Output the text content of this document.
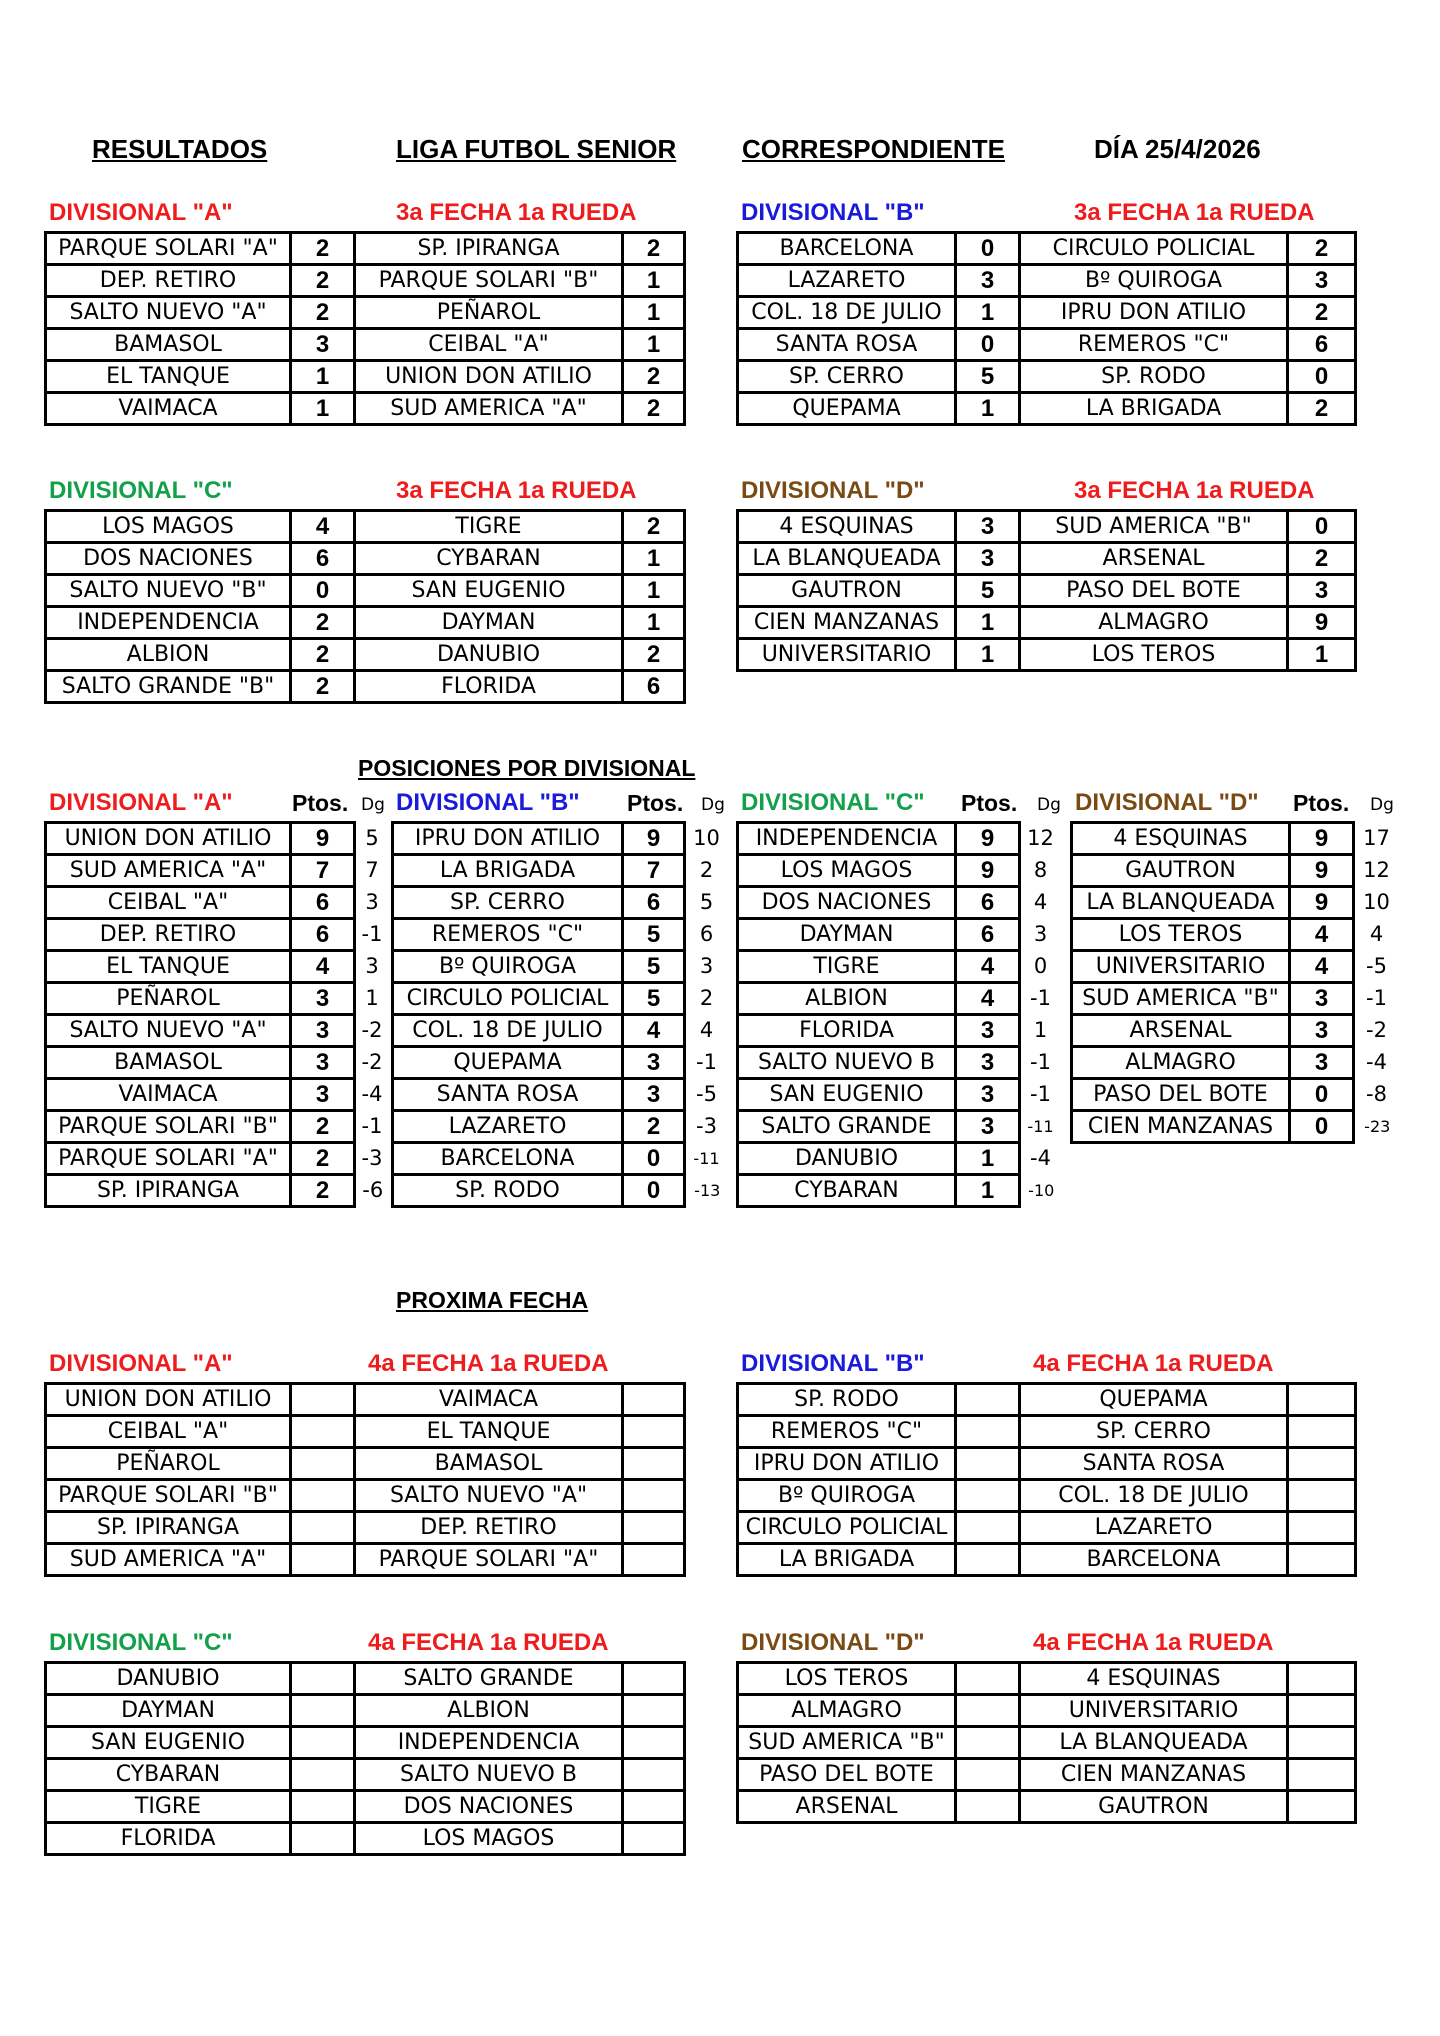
RESULTADOS	LIGA FUTBOL SENIOR	CORRESPONDIENTE	DÍA 25/4/2026
DIVISIONAL "A"	3a FECHA 1a RUEDA
PARQUE SOLARI "A"	2	SP. IPIRANGA	2
DEP. RETIRO	2	PARQUE SOLARI "B"	1
SALTO NUEVO "A"	2	PEÑAROL	1
BAMASOL	3	CEIBAL "A"	1
EL TANQUE	1	UNION DON ATILIO	2
VAIMACA	1	SUD AMERICA "A"	2
DIVISIONAL "B"	3a FECHA 1a RUEDA
BARCELONA	0	CIRCULO POLICIAL	2
LAZARETO	3	Bº QUIROGA	3
COL. 18 DE JULIO	1	IPRU DON ATILIO	2
SANTA ROSA	0	REMEROS "C"	6
SP. CERRO	5	SP. RODO	0
QUEPAMA	1	LA BRIGADA	2
DIVISIONAL "C"	3a FECHA 1a RUEDA
LOS MAGOS	4	TIGRE	2
DOS NACIONES	6	CYBARAN	1
SALTO NUEVO "B"	0	SAN EUGENIO	1
INDEPENDENCIA	2	DAYMAN	1
ALBION	2	DANUBIO	2
SALTO GRANDE "B"	2	FLORIDA	6
DIVISIONAL "D"	3a FECHA 1a RUEDA
4 ESQUINAS	3	SUD AMERICA "B"	0
LA BLANQUEADA	3	ARSENAL	2
GAUTRON	5	PASO DEL BOTE	3
CIEN MANZANAS	1	ALMAGRO	9
UNIVERSITARIO	1	LOS TEROS	1
POSICIONES POR DIVISIONAL
DIVISIONAL "A"	Ptos. Dg
UNION DON ATILIO	9	5
SUD AMERICA "A"	7	7
CEIBAL "A"	6	3
DEP. RETIRO	6	-1
EL TANQUE	4	3
PEÑAROL	3	1
SALTO NUEVO "A"	3	-2
BAMASOL	3	-2
VAIMACA	3	-4
PARQUE SOLARI "B"	2	-1
PARQUE SOLARI "A"	2	-3
SP. IPIRANGA	2	-6
DIVISIONAL "B" Ptos. Dg
IPRU DON ATILIO	9	10
LA BRIGADA	7	2
SP. CERRO	6	5
REMEROS "C"	5	6
Bº QUIROGA	5	3
CIRCULO POLICIAL	5	2
COL. 18 DE JULIO	4	4
QUEPAMA	3	-1
SANTA ROSA	3	-5
LAZARETO	2	-3
BARCELONA	0	-11
SP. RODO	0	-13
DIVISIONAL "C" Ptos. Dg
INDEPENDENCIA	9	12
LOS MAGOS	9	8
DOS NACIONES	6	4
DAYMAN	6	3
TIGRE	4	0
ALBION	4	-1
FLORIDA	3	1
SALTO NUEVO B	3	-1
SAN EUGENIO	3	-1
SALTO GRANDE	3	-11
DANUBIO	1	-4
CYBARAN	1	-10
DIVISIONAL "D" Ptos. Dg
4 ESQUINAS	9	17
GAUTRON	9	12
LA BLANQUEADA	9	10
LOS TEROS	4	4
UNIVERSITARIO	4	-5
SUD AMERICA "B"	3	-1
ARSENAL	3	-2
ALMAGRO	3	-4
PASO DEL BOTE	0	-8
CIEN MANZANAS	0	-23
PROXIMA FECHA
DIVISIONAL "A"	4a FECHA 1a RUEDA
UNION DON ATILIO		VAIMACA	
CEIBAL "A"		EL TANQUE	
PEÑAROL		BAMASOL	
PARQUE SOLARI "B"		SALTO NUEVO "A"	
SP. IPIRANGA		DEP. RETIRO	
SUD AMERICA "A"		PARQUE SOLARI "A"	
DIVISIONAL "B"	4a FECHA 1a RUEDA
SP. RODO		QUEPAMA	
REMEROS "C"		SP. CERRO	
IPRU DON ATILIO		SANTA ROSA	
Bº QUIROGA		COL. 18 DE JULIO	
CIRCULO POLICIAL		LAZARETO	
LA BRIGADA		BARCELONA	
DIVISIONAL "C"	4a FECHA 1a RUEDA
DANUBIO		SALTO GRANDE	
DAYMAN		ALBION	
SAN EUGENIO		INDEPENDENCIA	
CYBARAN		SALTO NUEVO B	
TIGRE		DOS NACIONES	
FLORIDA		LOS MAGOS	
DIVISIONAL "D"	4a FECHA 1a RUEDA
LOS TEROS		4 ESQUINAS	
ALMAGRO		UNIVERSITARIO	
SUD AMERICA "B"		LA BLANQUEADA	
PASO DEL BOTE		CIEN MANZANAS	
ARSENAL		GAUTRON	
